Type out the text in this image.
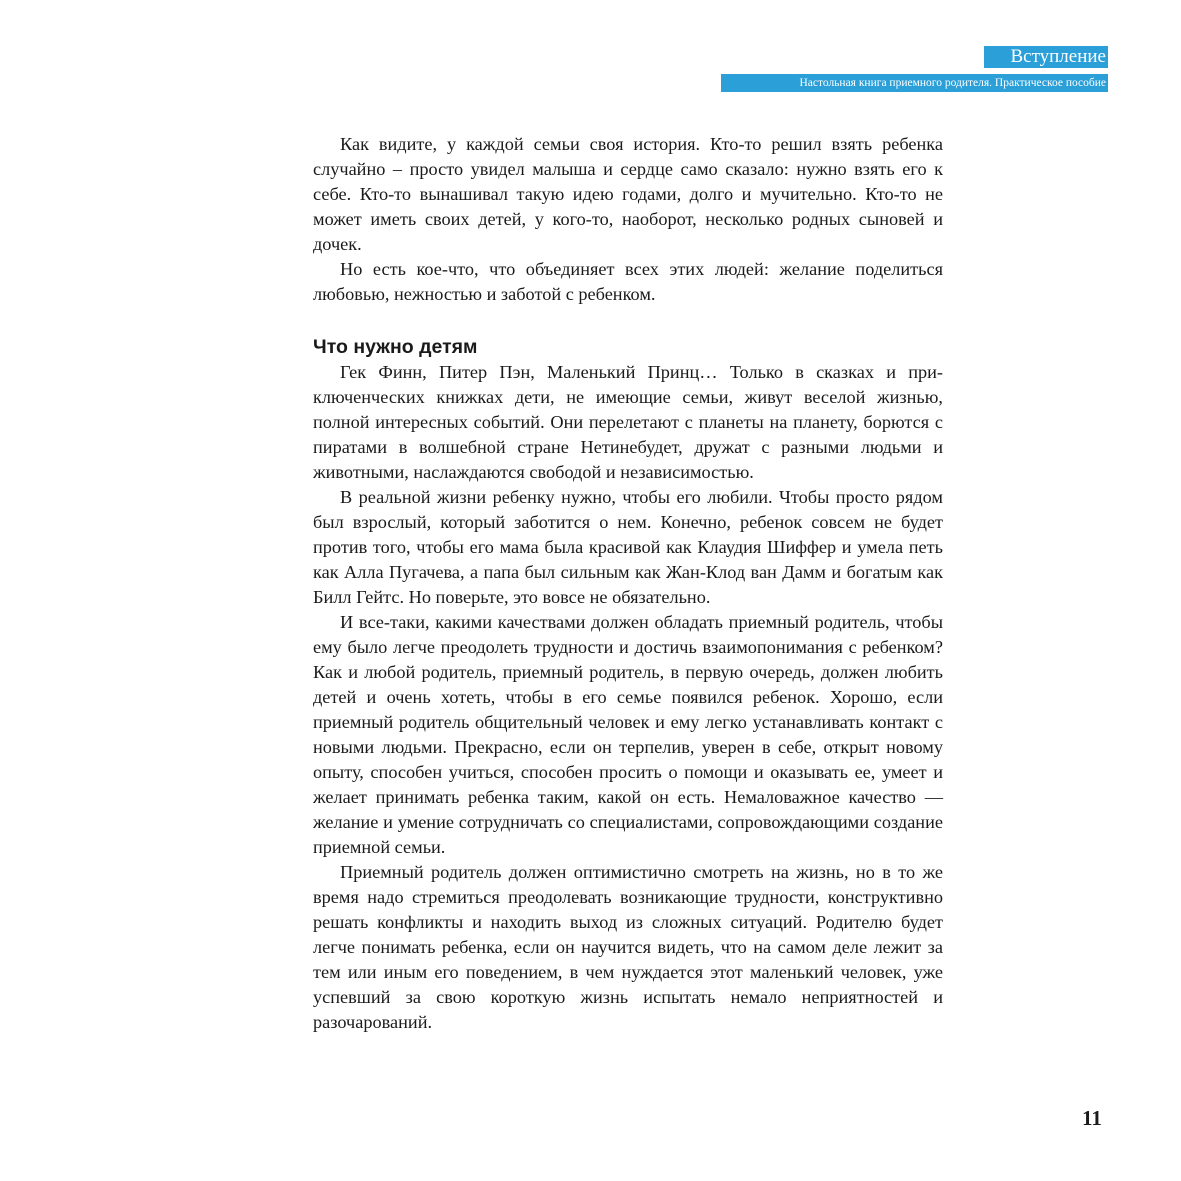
Вступление
Настольная книга приемного родителя. Практическое пособие

Как видите, у каждой семьи своя история. Кто-то решил взять ребенка случайно – просто увидел малыша и сердце само сказало: нужно взять его к себе. Кто-то вынашивал такую идею годами, долго и мучительно. Кто-то не может иметь своих детей, у кого-то, наоборот, несколько родных сыновей и дочек.

Но есть кое-что, что объединяет всех этих людей: желание поделиться любовью, нежностью и заботой с ребенком.

Что нужно детям

Гек Финн, Питер Пэн, Маленький Принц… Только в сказках и приключенческих книжках дети, не имеющие семьи, живут веселой жизнью, полной интересных событий. Они перелетают с планеты на планету, борются с пиратами в волшебной стране Нетинебудет, дружат с разными людьми и животными, наслаждаются свободой и независимостью.

В реальной жизни ребенку нужно, чтобы его любили. Чтобы просто рядом был взрослый, который заботится о нем. Конечно, ребенок совсем не будет против того, чтобы его мама была красивой как Клаудия Шиффер и умела петь как Алла Пугачева, а папа был сильным как Жан-Клод ван Дамм и богатым как Билл Гейтс. Но поверьте, это вовсе не обязательно.

И все-таки, какими качествами должен обладать приемный родитель, чтобы ему было легче преодолеть трудности и достичь взаимопонимания с ребенком? Как и любой родитель, приемный родитель, в первую очередь, должен любить детей и очень хотеть, чтобы в его семье появился ребенок. Хорошо, если приемный родитель общительный человек и ему легко устанавливать контакт с новыми людьми. Прекрасно, если он терпелив, уверен в себе, открыт новому опыту, способен учиться, способен просить о помощи и оказывать ее, умеет и желает принимать ребенка таким, какой он есть. Немаловажное качество — желание и умение сотрудничать со специалистами, сопровождающими создание приемной семьи.

Приемный родитель должен оптимистично смотреть на жизнь, но в то же время надо стремиться преодолевать возникающие трудности, конструктивно решать конфликты и находить выход из сложных ситуаций. Родителю будет легче понимать ребенка, если он научится видеть, что на самом деле лежит за тем или иным его поведением, в чем нуждается этот маленький человек, уже успевший за свою короткую жизнь испытать немало неприятностей и разочарований.

11
